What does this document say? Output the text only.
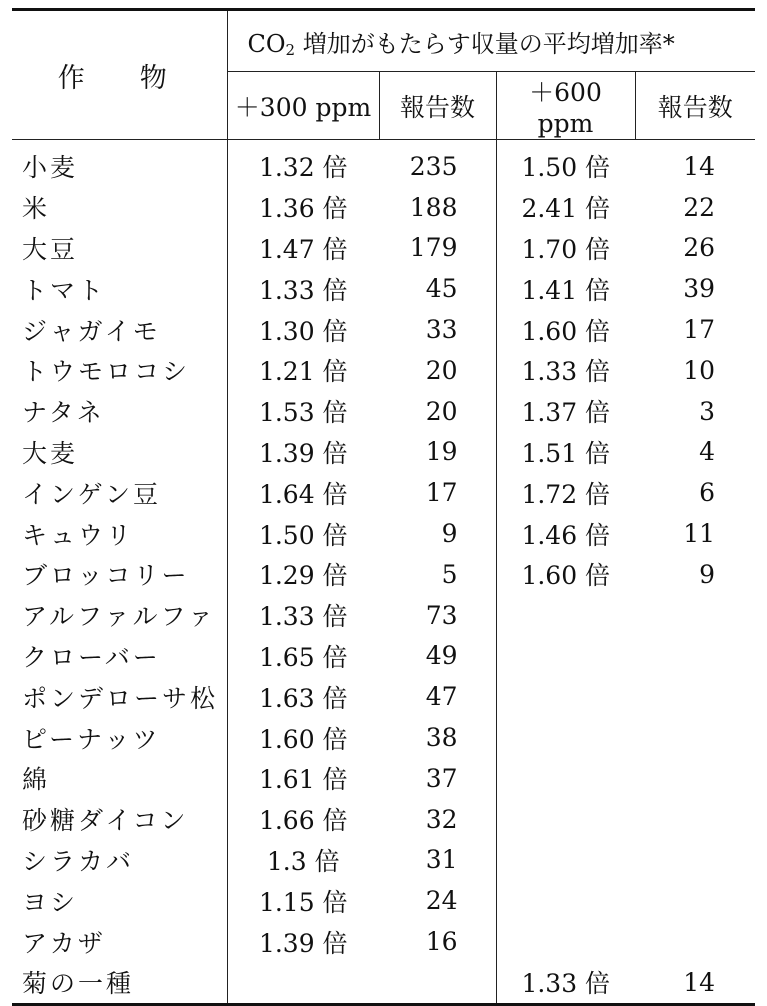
作　物	CO2 増加がもたらす収量の平均増加率*			
	＋300 ppm	報告数	＋600 ppm	報告数
小麦	1.32 倍	235	1.50 倍	14
米	1.36 倍	188	2.41 倍	22
大豆	1.47 倍	179	1.70 倍	26
トマト	1.33 倍	45	1.41 倍	39
ジャガイモ	1.30 倍	33	1.60 倍	17
トウモロコシ	1.21 倍	20	1.33 倍	10
ナタネ	1.53 倍	20	1.37 倍	3
大麦	1.39 倍	19	1.51 倍	4
インゲン豆	1.64 倍	17	1.72 倍	6
キュウリ	1.50 倍	9	1.46 倍	11
ブロッコリー	1.29 倍	5	1.60 倍	9
アルファルファ	1.33 倍	73		
クローバー	1.65 倍	49		
ポンデローサ松	1.63 倍	47		
ピーナッツ	1.60 倍	38		
綿	1.61 倍	37		
砂糖ダイコン	1.66 倍	32		
シラカバ	1.3 倍	31		
ヨシ	1.15 倍	24		
アカザ	1.39 倍	16		
菊の一種			1.33 倍	14
